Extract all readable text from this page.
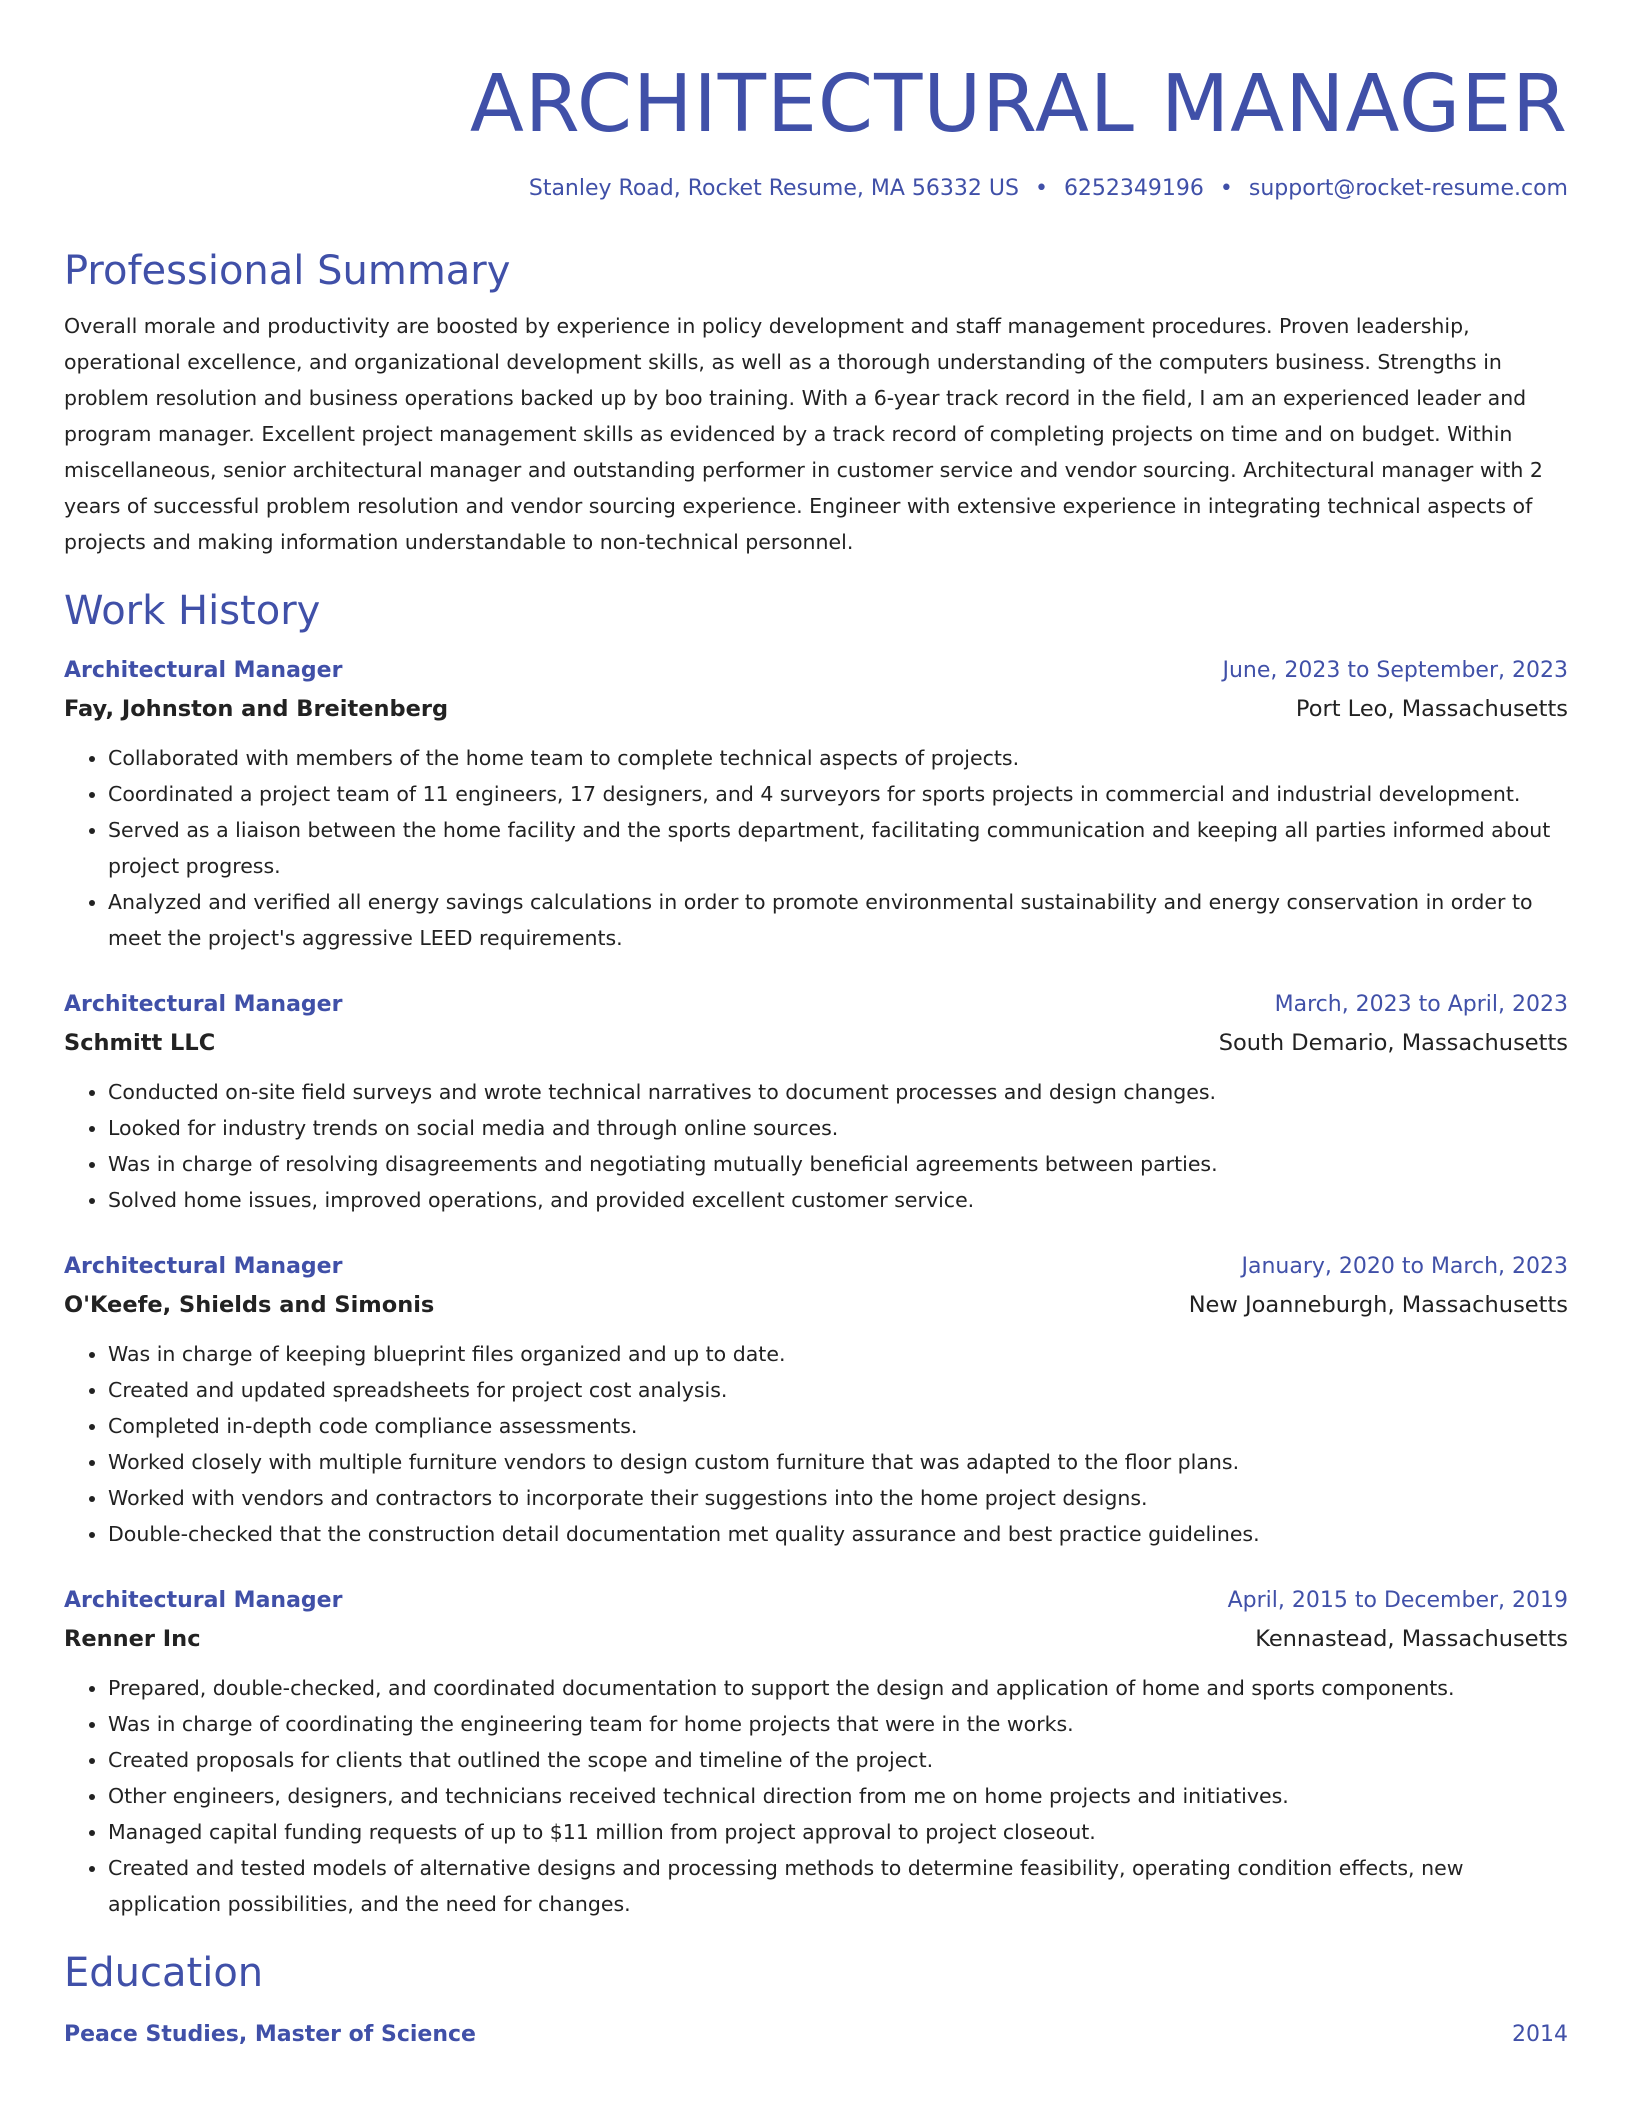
ARCHITECTURAL MANAGER
Stanley Road, Rocket Resume, MA 56332 US • 6252349196 • support@rocket-resume.com
Professional Summary
Overall morale and productivity are boosted by experience in policy development and staff management procedures. Proven leadership, operational excellence, and organizational development skills, as well as a thorough understanding of the computers business. Strengths in problem resolution and business operations backed up by boo training. With a 6-year track record in the field, I am an experienced leader and program manager. Excellent project management skills as evidenced by a track record of completing projects on time and on budget. Within miscellaneous, senior architectural manager and outstanding performer in customer service and vendor sourcing. Architectural manager with 2 years of successful problem resolution and vendor sourcing experience. Engineer with extensive experience in integrating technical aspects of projects and making information understandable to non-technical personnel.
Work History
Architectural Manager	June, 2023 to September, 2023
Fay, Johnston and Breitenberg	Port Leo, Massachusetts
• Collaborated with members of the home team to complete technical aspects of projects.
• Coordinated a project team of 11 engineers, 17 designers, and 4 surveyors for sports projects in commercial and industrial development.
• Served as a liaison between the home facility and the sports department, facilitating communication and keeping all parties informed about project progress.
• Analyzed and verified all energy savings calculations in order to promote environmental sustainability and energy conservation in order to meet the project's aggressive LEED requirements.
Architectural Manager	March, 2023 to April, 2023
Schmitt LLC	South Demario, Massachusetts
• Conducted on-site field surveys and wrote technical narratives to document processes and design changes.
• Looked for industry trends on social media and through online sources.
• Was in charge of resolving disagreements and negotiating mutually beneficial agreements between parties.
• Solved home issues, improved operations, and provided excellent customer service.
Architectural Manager	January, 2020 to March, 2023
O'Keefe, Shields and Simonis	New Joanneburgh, Massachusetts
• Was in charge of keeping blueprint files organized and up to date.
• Created and updated spreadsheets for project cost analysis.
• Completed in-depth code compliance assessments.
• Worked closely with multiple furniture vendors to design custom furniture that was adapted to the floor plans.
• Worked with vendors and contractors to incorporate their suggestions into the home project designs.
• Double-checked that the construction detail documentation met quality assurance and best practice guidelines.
Architectural Manager	April, 2015 to December, 2019
Renner Inc	Kennastead, Massachusetts
• Prepared, double-checked, and coordinated documentation to support the design and application of home and sports components.
• Was in charge of coordinating the engineering team for home projects that were in the works.
• Created proposals for clients that outlined the scope and timeline of the project.
• Other engineers, designers, and technicians received technical direction from me on home projects and initiatives.
• Managed capital funding requests of up to $11 million from project approval to project closeout.
• Created and tested models of alternative designs and processing methods to determine feasibility, operating condition effects, new application possibilities, and the need for changes.
Education
Peace Studies, Master of Science	2014
